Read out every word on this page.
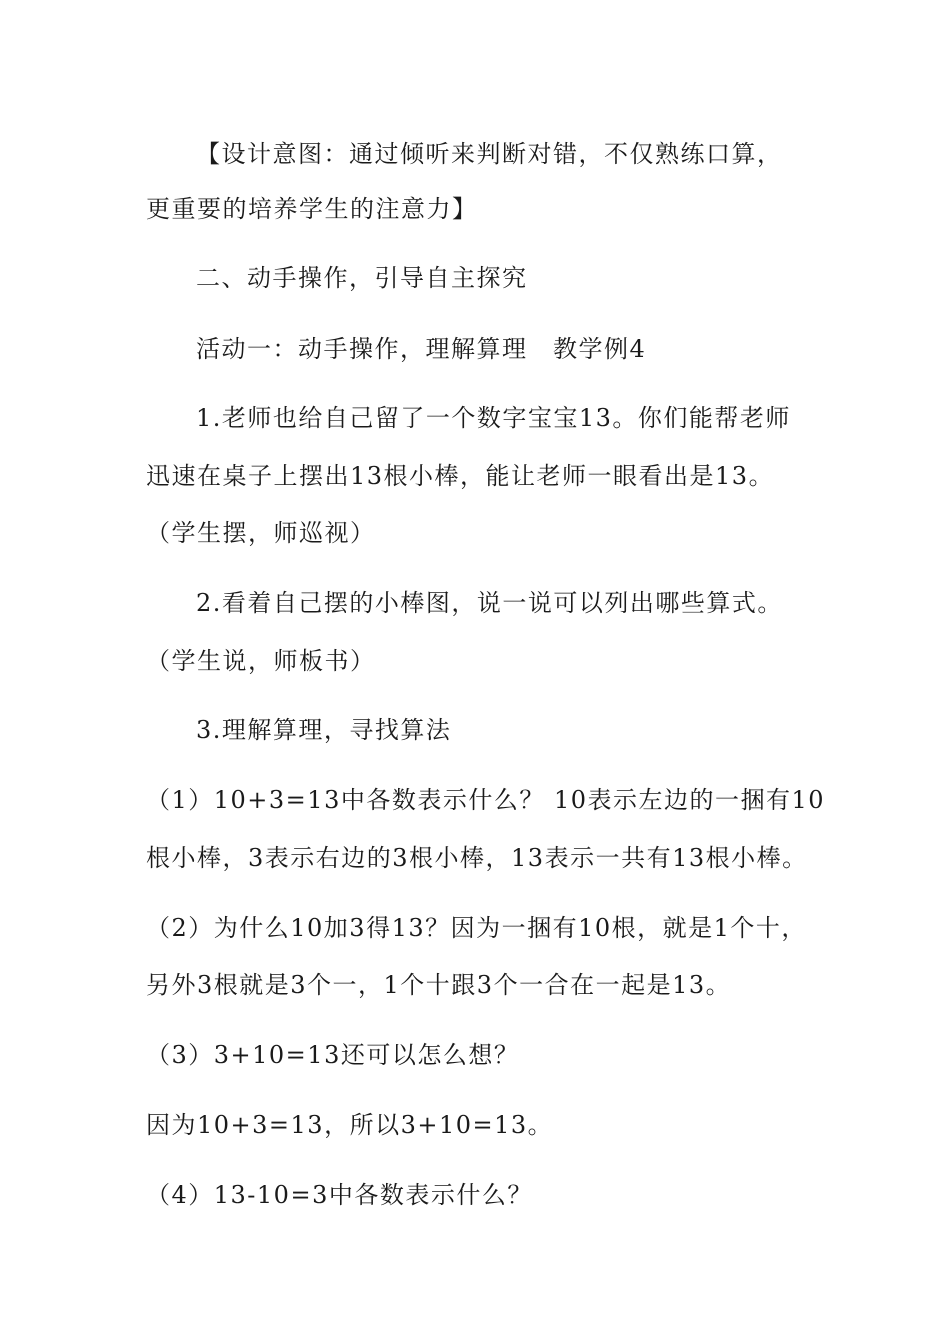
【设计意图：通过倾听来判断对错，不仅熟练口算，
更重要的培养学生的注意力】
二、动手操作，引导自主探究
活动一：动手操作，理解算理　教学例4
1.老师也给自己留了一个数字宝宝13。你们能帮老师
迅速在桌子上摆出13根小棒，能让老师一眼看出是13。
（学生摆，师巡视）
2.看着自己摆的小棒图，说一说可以列出哪些算式。
（学生说，师板书）
3.理解算理，寻找算法
（1）10+3=13中各数表示什么？ 10表示左边的一捆有10
根小棒，3表示右边的3根小棒，13表示一共有13根小棒。
（2）为什么10加3得13？因为一捆有10根，就是1个十，
另外3根就是3个一，1个十跟3个一合在一起是13。
（3）3+10=13还可以怎么想？
因为10+3=13，所以3+10=13。
（4）13-10=3中各数表示什么？
